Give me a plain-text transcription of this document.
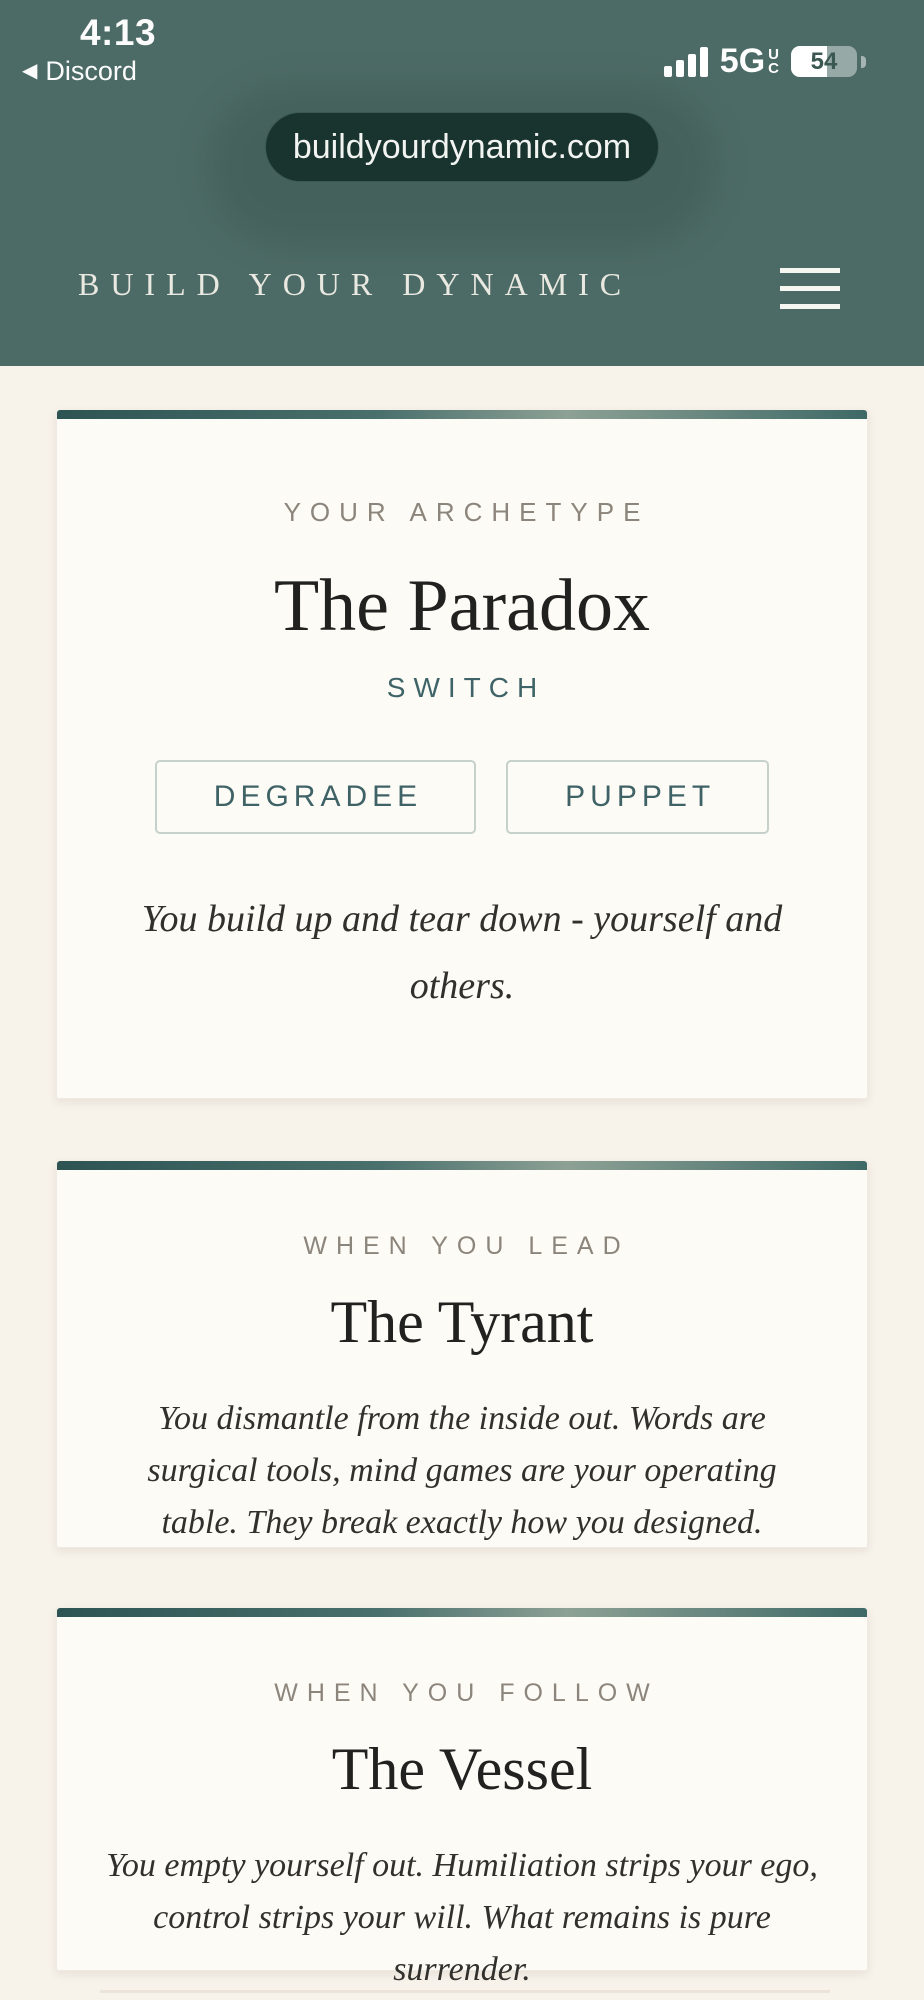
4:13
◀ Discord	5G U
C	54
buildyourdynamic.com
BUILD YOUR DYNAMIC
YOUR ARCHETYPE
The Paradox
SWITCH
DEGRADEE	PUPPET
You build up and tear down - yourself and others.
WHEN YOU LEAD
The Tyrant
You dismantle from the inside out. Words are surgical tools, mind games are your operating table. They break exactly how you designed.
WHEN YOU FOLLOW
The Vessel
You empty yourself out. Humiliation strips your ego, control strips your will. What remains is pure surrender.
